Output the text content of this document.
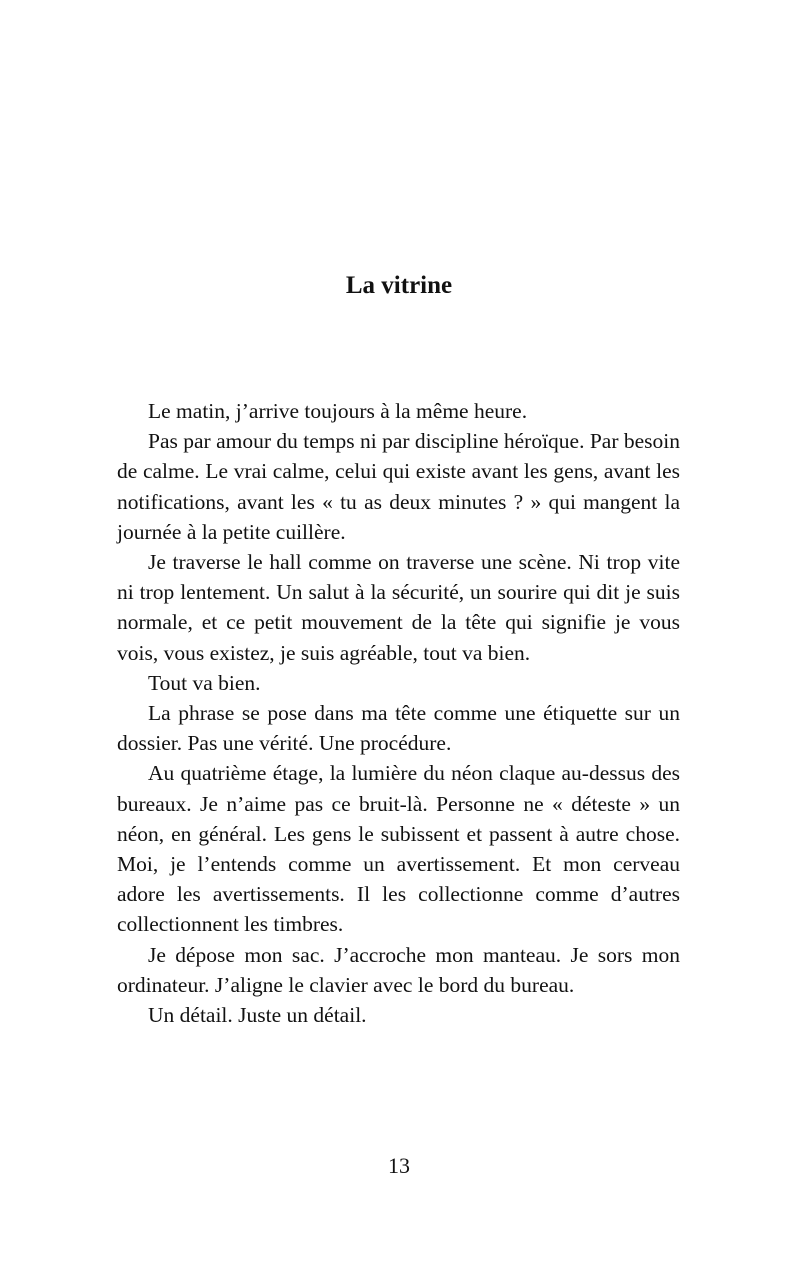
La vitrine

Le matin, j’arrive toujours à la même heure.

Pas par amour du temps ni par discipline héroïque. Par besoin de calme. Le vrai calme, celui qui existe avant les gens, avant les notifications, avant les « tu as deux minutes ? » qui mangent la journée à la petite cuillère.

Je traverse le hall comme on traverse une scène. Ni trop vite ni trop lentement. Un salut à la sécurité, un sourire qui dit je suis normale, et ce petit mouvement de la tête qui signifie je vous vois, vous existez, je suis agréable, tout va bien.

Tout va bien.

La phrase se pose dans ma tête comme une étiquette sur un dossier. Pas une vérité. Une procédure.

Au quatrième étage, la lumière du néon claque au-dessus des bureaux. Je n’aime pas ce bruit-là. Personne ne « déteste » un néon, en général. Les gens le subissent et passent à autre chose. Moi, je l’entends comme un avertissement. Et mon cerveau adore les avertissements. Il les collectionne comme d’autres collectionnent les timbres.

Je dépose mon sac. J’accroche mon manteau. Je sors mon ordinateur. J’aligne le clavier avec le bord du bureau.

Un détail. Juste un détail.

13
